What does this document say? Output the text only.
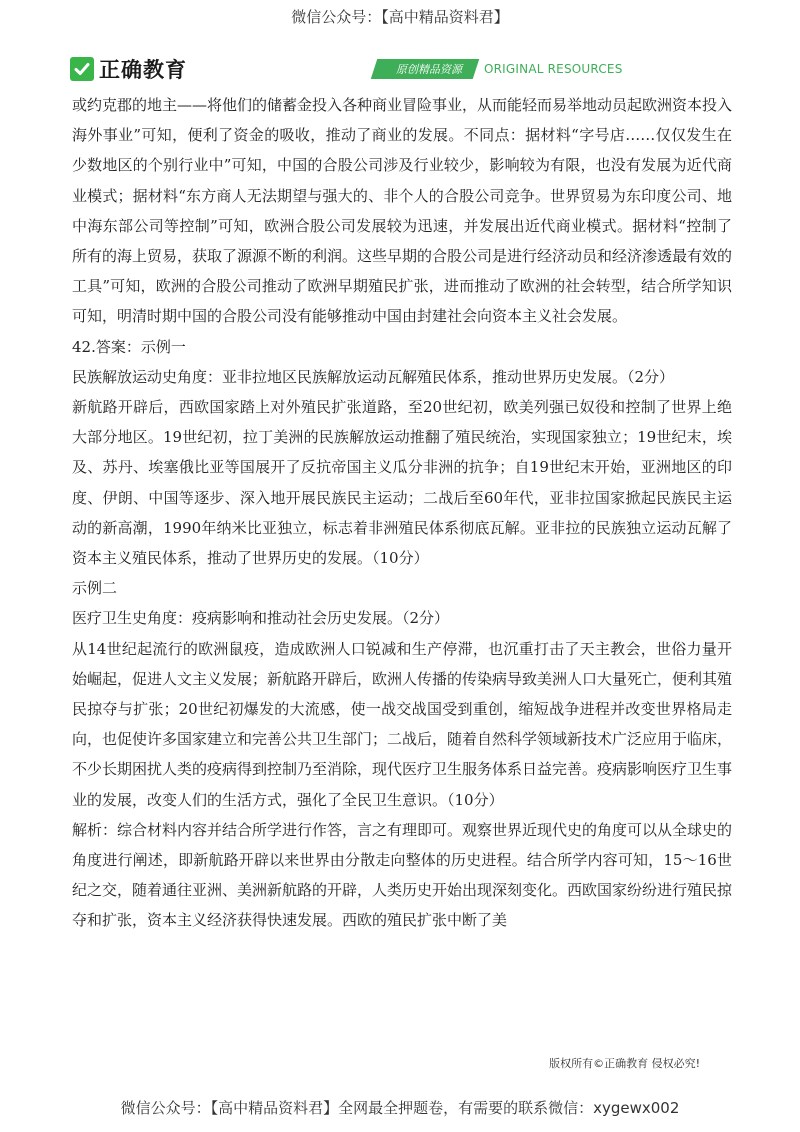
微信公众号：【高中精品资料君】
正确教育	原创精品资源	ORIGINAL RESOURCES

或约克郡的地主——将他们的储蓄金投入各种商业冒险事业，从而能轻而易举地动员起欧洲资本投入海外事业”可知，便利了资金的吸收，推动了商业的发展。不同点：据材料“字号店……仅仅发生在少数地区的个别行业中”可知，中国的合股公司涉及行业较少，影响较为有限，也没有发展为近代商业模式；据材料“东方商人无法期望与强大的、非个人的合股公司竞争。世界贸易为东印度公司、地中海东部公司等控制”可知，欧洲合股公司发展较为迅速，并发展出近代商业模式。据材料“控制了所有的海上贸易，获取了源源不断的利润。这些早期的合股公司是进行经济动员和经济渗透最有效的工具”可知，欧洲的合股公司推动了欧洲早期殖民扩张，进而推动了欧洲的社会转型，结合所学知识可知，明清时期中国的合股公司没有能够推动中国由封建社会向资本主义社会发展。

42.答案：示例一

民族解放运动史角度：亚非拉地区民族解放运动瓦解殖民体系，推动世界历史发展。（2分）

新航路开辟后，西欧国家踏上对外殖民扩张道路，至20世纪初，欧美列强已奴役和控制了世界上绝大部分地区。19世纪初，拉丁美洲的民族解放运动推翻了殖民统治，实现国家独立；19世纪末，埃及、苏丹、埃塞俄比亚等国展开了反抗帝国主义瓜分非洲的抗争；自19世纪末开始，亚洲地区的印度、伊朗、中国等逐步、深入地开展民族民主运动；二战后至60年代，亚非拉国家掀起民族民主运动的新高潮，1990年纳米比亚独立，标志着非洲殖民体系彻底瓦解。亚非拉的民族独立运动瓦解了资本主义殖民体系，推动了世界历史的发展。（10分）

示例二

医疗卫生史角度：疫病影响和推动社会历史发展。（2分）

从14世纪起流行的欧洲鼠疫，造成欧洲人口锐减和生产停滞，也沉重打击了天主教会，世俗力量开始崛起，促进人文主义发展；新航路开辟后，欧洲人传播的传染病导致美洲人口大量死亡，便利其殖民掠夺与扩张；20世纪初爆发的大流感，使一战交战国受到重创，缩短战争进程并改变世界格局走向，也促使许多国家建立和完善公共卫生部门；二战后，随着自然科学领域新技术广泛应用于临床，不少长期困扰人类的疫病得到控制乃至消除，现代医疗卫生服务体系日益完善。疫病影响医疗卫生事业的发展，改变人们的生活方式，强化了全民卫生意识。（10分）

解析：综合材料内容并结合所学进行作答，言之有理即可。观察世界近现代史的角度可以从全球史的角度进行阐述，即新航路开辟以来世界由分散走向整体的历史进程。结合所学内容可知，15～16世纪之交，随着通往亚洲、美洲新航路的开辟，人类历史开始出现深刻变化。西欧国家纷纷进行殖民掠夺和扩张，资本主义经济获得快速发展。西欧的殖民扩张中断了美

版权所有©正确教育 侵权必究!
微信公众号：【高中精品资料君】全网最全押题卷，有需要的联系微信：xygewx002
